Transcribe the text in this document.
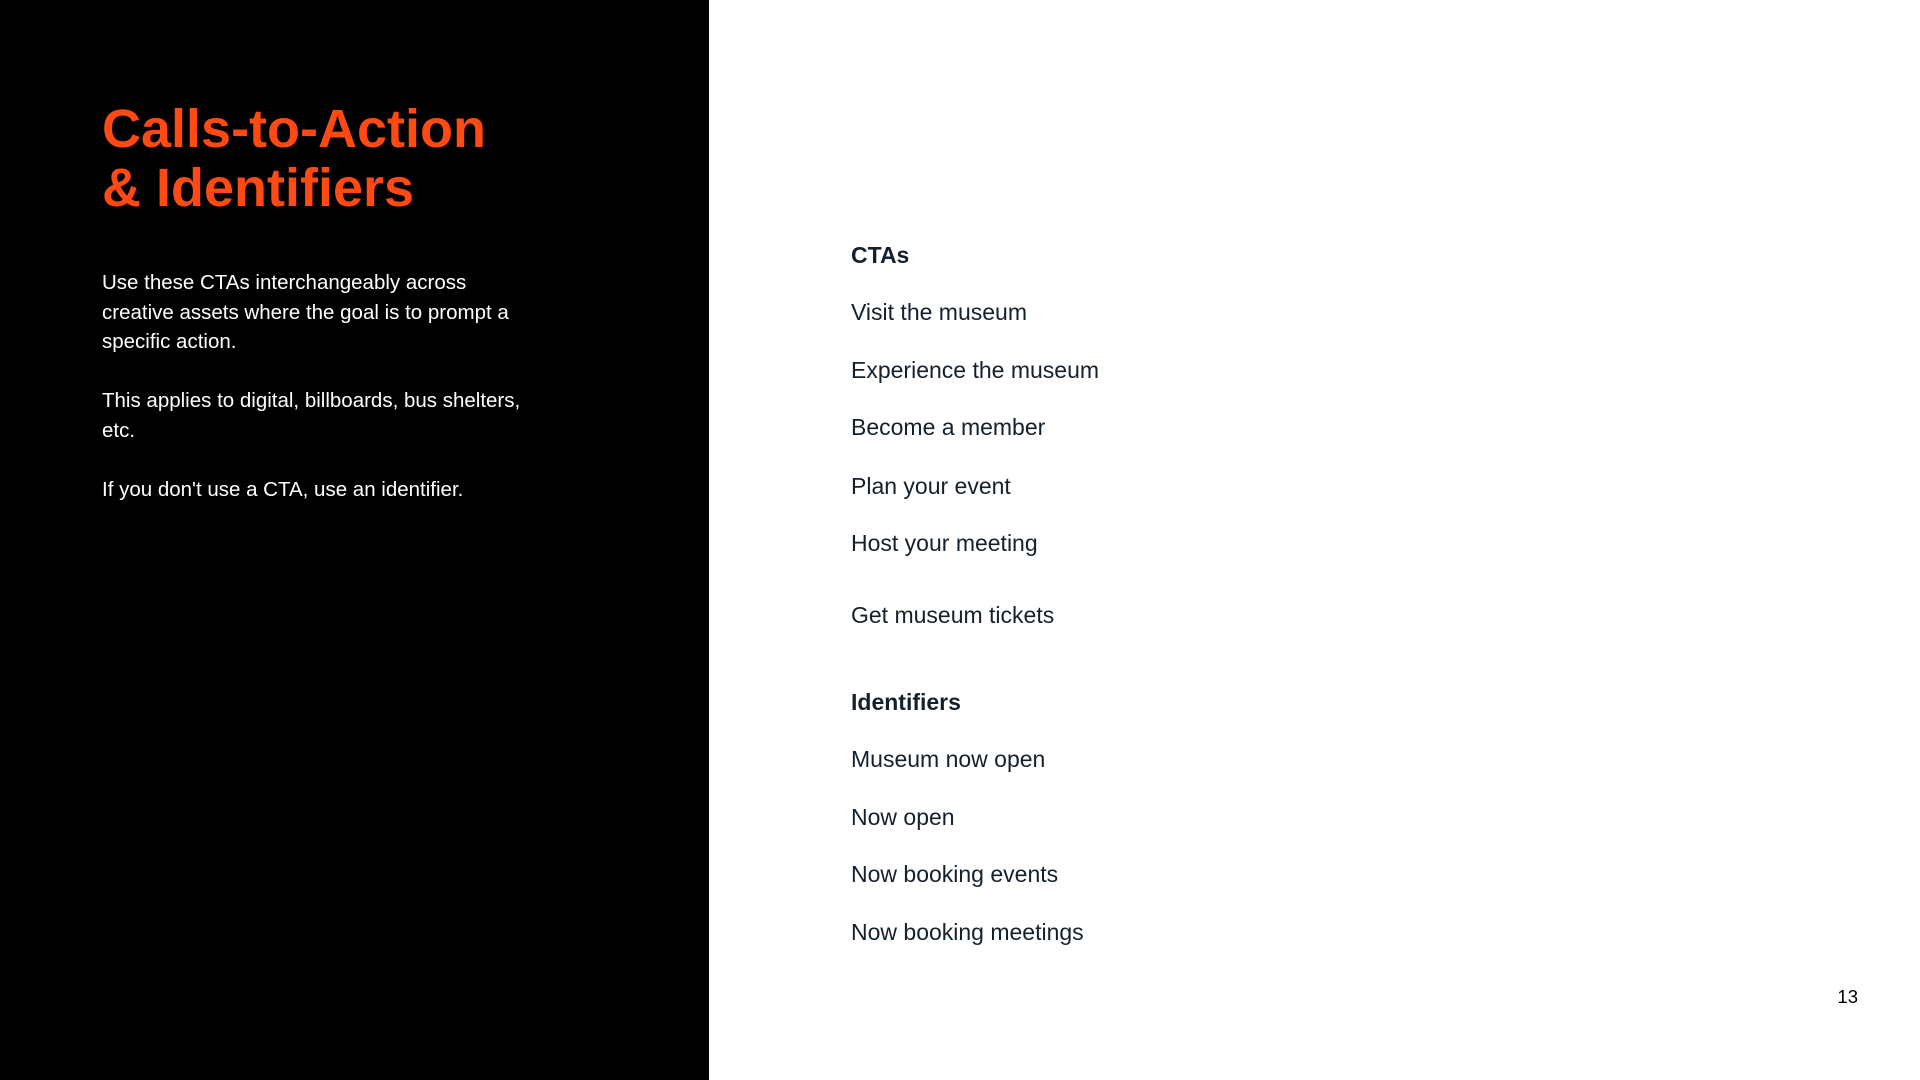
Calls-to-Action
& Identifiers

Use these CTAs interchangeably across creative assets where the goal is to prompt a specific action.

This applies to digital, billboards, bus shelters, etc.

If you don't use a CTA, use an identifier.

CTAs
Visit the museum
Experience the museum
Become a member
Plan your event
Host your meeting
Get museum tickets
Identifiers
Museum now open
Now open
Now booking events
Now booking meetings
13
